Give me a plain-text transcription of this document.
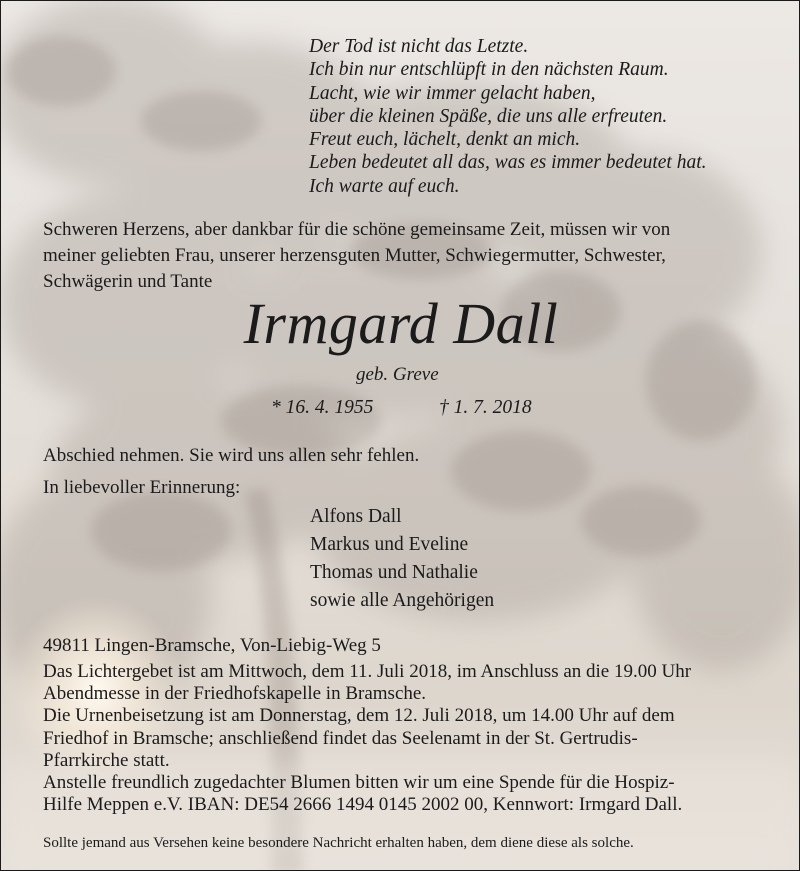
Der Tod ist nicht das Letzte.
Ich bin nur entschlüpft in den nächsten Raum.
Lacht, wie wir immer gelacht haben,
über die kleinen Späße, die uns alle erfreuten.
Freut euch, lächelt, denkt an mich.
Leben bedeutet all das, was es immer bedeutet hat.
Ich warte auf euch.
Schweren Herzens, aber dankbar für die schöne gemeinsame Zeit, müssen wir von
meiner geliebten Frau, unserer herzensguten Mutter, Schwiegermutter, Schwester,
Schwägerin und Tante
Irmgard Dall
geb. Greve
* 16. 4. 1955	† 1. 7. 2018
Abschied nehmen. Sie wird uns allen sehr fehlen.
In liebevoller Erinnerung:
Alfons Dall
Markus und Eveline
Thomas und Nathalie
sowie alle Angehörigen
49811 Lingen-Bramsche, Von-Liebig-Weg 5
Das Lichtergebet ist am Mittwoch, dem 11. Juli 2018, im Anschluss an die 19.00 Uhr
Abendmesse in der Friedhofskapelle in Bramsche.
Die Urnenbeisetzung ist am Donnerstag, dem 12. Juli 2018, um 14.00 Uhr auf dem
Friedhof in Bramsche; anschließend findet das Seelenamt in der St. Gertrudis-
Pfarrkirche statt.
Anstelle freundlich zugedachter Blumen bitten wir um eine Spende für die Hospiz-
Hilfe Meppen e.V. IBAN: DE54 2666 1494 0145 2002 00, Kennwort: Irmgard Dall.
Sollte jemand aus Versehen keine besondere Nachricht erhalten haben, dem diene diese als solche.
